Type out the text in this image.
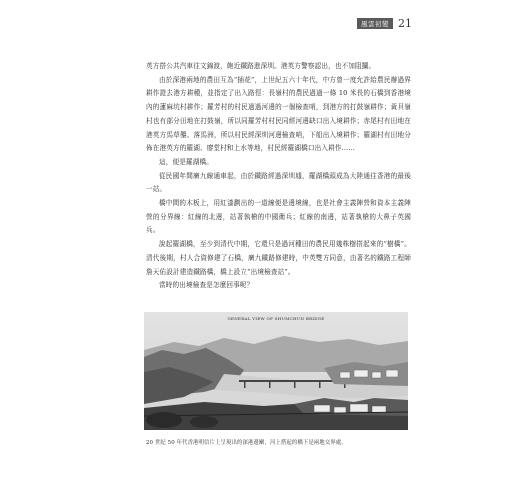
風雲初變 21

英方搭公共汽車往文錦渡，飽近鐵路進深圳。港英方警察認出，也不加阻攔。

由於深港兩地的農田互為“插花”，上世紀五六十年代，中方曾一度允許給農民辦過界耕作證去港方耕種，並指定了出入路徑：長嶺村的農民過過一條 10 米長的石橋到香港境內的蓮麻坑村耕作；羅芳村的村民過過河邊的一個檢查哨，到港方的打鼓嶺耕作；黃貝嶺村也有部分田地在打鼓嶺，所以同羅芳村村民同經河邊缺口出入境耕作；赤尾村有田地在港英方馬草壟、落馬洲，所以村民經深圳河邊檢查哨，下船出入境耕作；羅湖村有田地分佈在港英方的羅湖、廖堂村和上水等地，村民經羅湖橋口出入耕作……

這，便是羅湖橋。

從民國年間廣九線通車起，由於鐵路經過深圳墟，羅湖橋頭成為大陸通往香港的最後一站。

橋中間的木板上，用紅漆劃出的一道線便是邊境線，也是社會主義陣營和資本主義陣營的分界線：紅線的北邊，站著執槍的中國衛兵；紅線的南邊，站著執槍的大鼻子英國兵。

說起羅湖橋，至少到清代中期，它還只是過河種田的農民用幾株樹搭起來的“樹橋”。清代後期，村人合資修建了石橋，廣九鐵路修建時，中英雙方同意，由著名的鐵路工程師詹天佑設計建造鐵路橋，橋上設立“出境檢查站”。

當時的出境檢查是怎麼回事呢？

GENERAL VIEW OF SHUMCHUN BRIDGE
20 世紀 50 年代香港明信片上呈現出的深港邊關，河上搭起的橋下是兩地交界處。
